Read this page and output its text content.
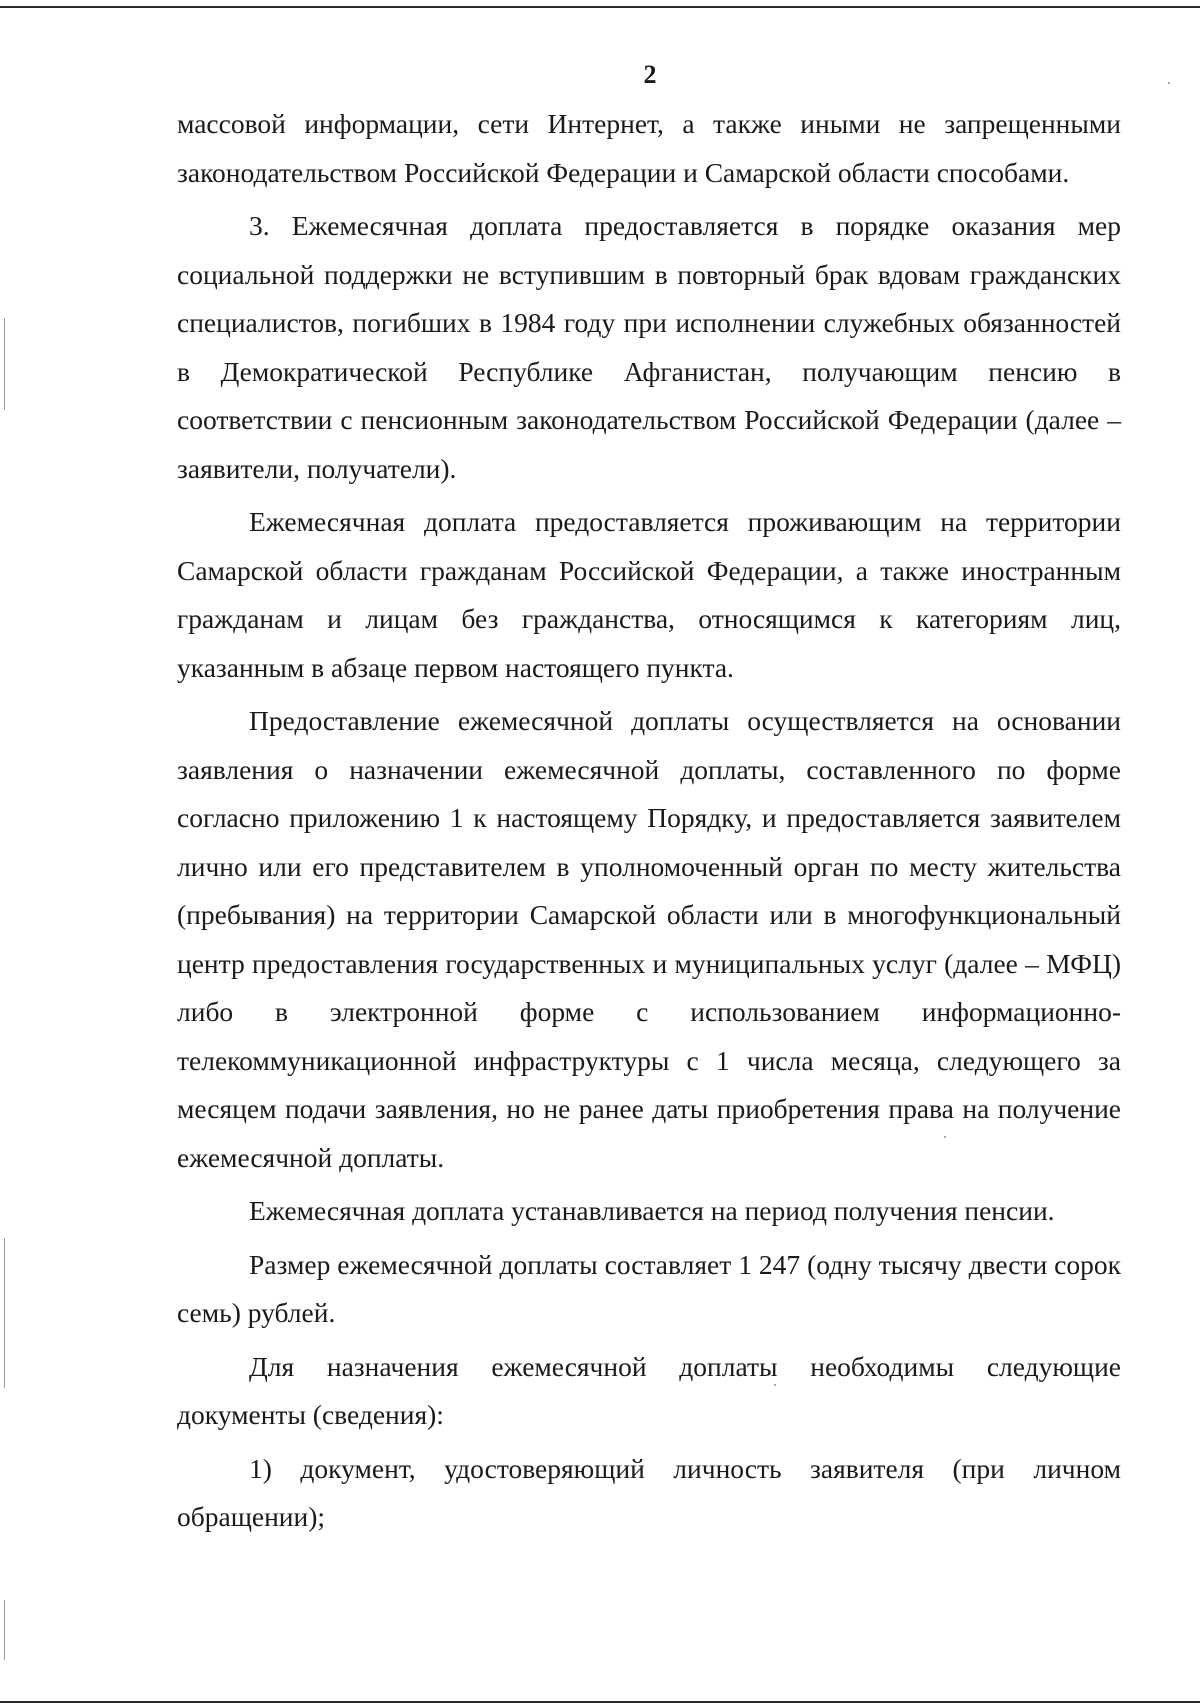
2

массовой информации, сети Интернет, а также иными не запрещенными законодательством Российской Федерации и Самарской области способами.

3. Ежемесячная доплата предоставляется в порядке оказания мер социальной поддержки не вступившим в повторный брак вдовам гражданских специалистов, погибших в 1984 году при исполнении служебных обязанностей в Демократической Республике Афганистан, получающим пенсию в соответствии с пенсионным законодательством Российской Федерации (далее – заявители, получатели).

Ежемесячная доплата предоставляется проживающим на территории Самарской области гражданам Российской Федерации, а также иностранным гражданам и лицам без гражданства, относящимся к категориям лиц, указанным в абзаце первом настоящего пункта.

Предоставление ежемесячной доплаты осуществляется на основании заявления о назначении ежемесячной доплаты, составленного по форме согласно приложению 1 к настоящему Порядку, и предоставляется заявителем лично или его представителем в уполномоченный орган по месту жительства (пребывания) на территории Самарской области или в многофункциональный центр предоставления государственных и муниципальных услуг (далее – МФЦ) либо в электронной форме с использованием информационно-телекоммуникационной инфраструктуры с 1 числа месяца, следующего за месяцем подачи заявления, но не ранее даты приобретения права на получение ежемесячной доплаты.

Ежемесячная доплата устанавливается на период получения пенсии.

Размер ежемесячной доплаты составляет 1 247 (одну тысячу двести сорок семь) рублей.

Для назначения ежемесячной доплаты необходимы следующие документы (сведения):

1) документ, удостоверяющий личность заявителя (при личном обращении);
